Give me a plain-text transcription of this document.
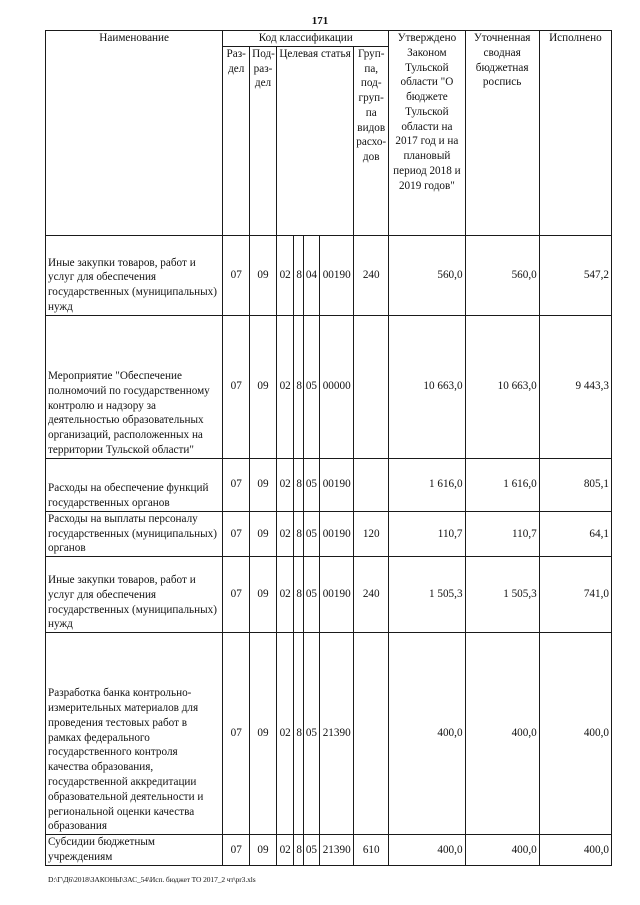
171
Наименование	Код классификации							Утверждено Законом Тульской области "О бюджете Тульской области на 2017 год и на плановый период 2018 и 2019 годов"	Уточненная сводная бюджетная роспись	Исполнено
	Раз-дел	Под-раз-дел	Целевая статья				Груп-па, под-груп-па видов расхо-дов			
Иные закупки товаров, работ и услуг для обеспечения государственных (муниципальных) нужд	07	09	02	8	04	00190	240	560,0	560,0	547,2
Мероприятие "Обеспечение полномочий по государственному контролю и надзору за деятельностью образовательных организаций, расположенных на территории Тульской области"	07	09	02	8	05	00000		10 663,0	10 663,0	9 443,3
Расходы на обеспечение функций государственных органов	07	09	02	8	05	00190		1 616,0	1 616,0	805,1
Расходы на выплаты персоналу государственных (муниципальных) органов	07	09	02	8	05	00190	120	110,7	110,7	64,1
Иные закупки товаров, работ и услуг для обеспечения государственных (муниципальных) нужд	07	09	02	8	05	00190	240	1 505,3	1 505,3	741,0
Разработка банка контрольно-измерительных материалов для проведения тестовых работ в рамках федерального государственного контроля качества образования, государственной аккредитации образовательной деятельности и региональной оценки качества образования	07	09	02	8	05	21390		400,0	400,0	400,0
Субсидии бюджетным учреждениям	07	09	02	8	05	21390	610	400,0	400,0	400,0
D:\Г\Д6\2018\ЗАКОНЫ\ЗАС_54\Исп. бюджет ТО 2017_2 чт\pr3.xls
